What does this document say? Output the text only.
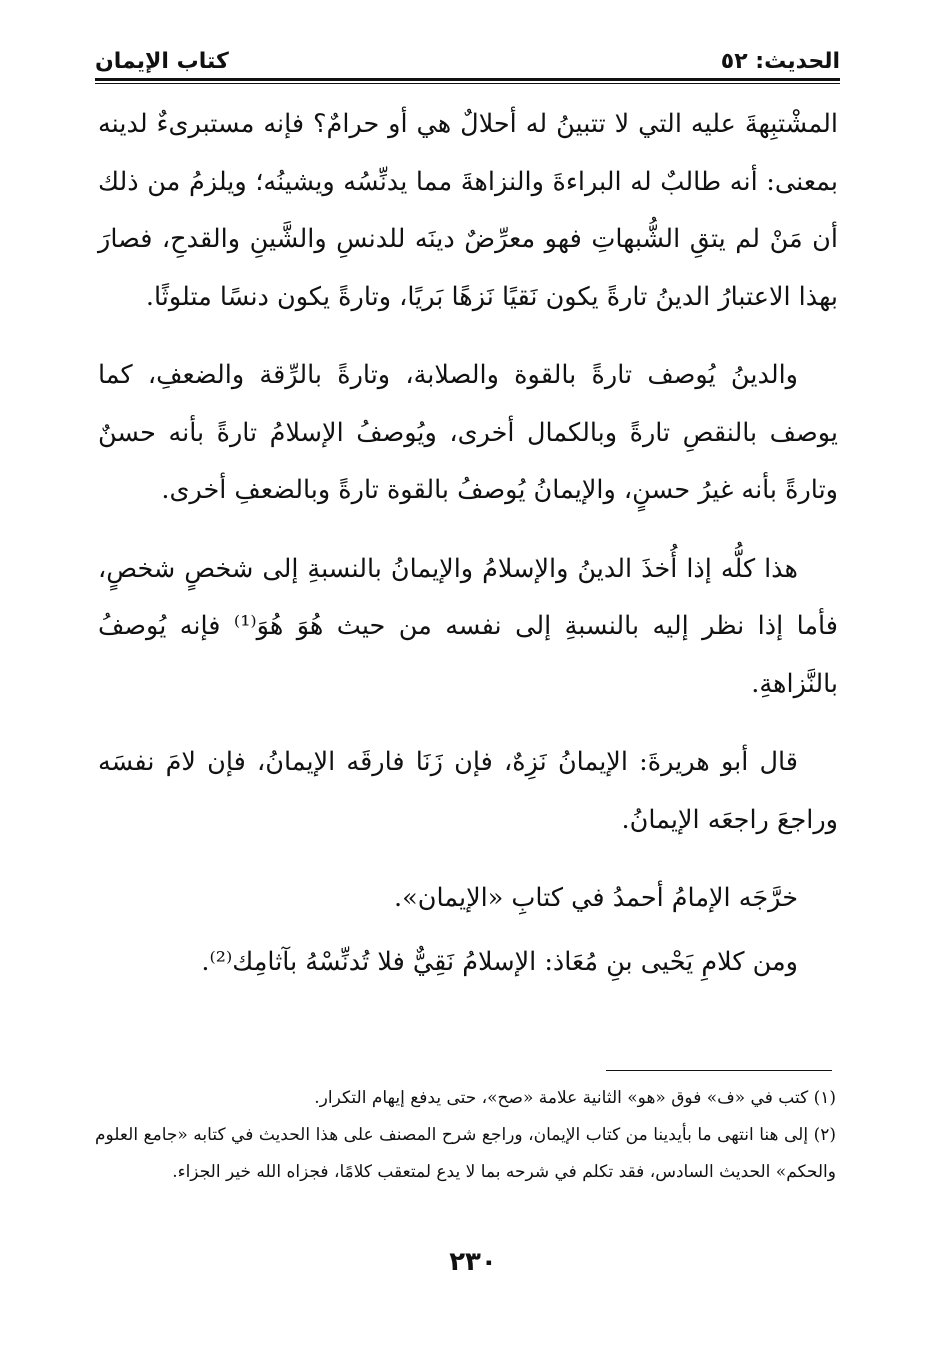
الحديث: ٥٢
كتاب الإيمان

المشْتبِهةَ عليه التي لا تتبينُ له أحلالٌ هي أو حرامٌ؟ فإنه مستبرىءٌ لدينه بمعنى: أنه طالبٌ له البراءةَ والنزاهةَ مما يدنِّسُه ويشينُه؛ ويلزمُ من ذلك أن مَنْ لم يتقِ الشُّبهاتِ فهو معرِّضٌ دينَه للدنسِ والشَّينِ والقدحِ، فصارَ بهذا الاعتبارُ الدينُ تارةً يكون نَقيًا نَزهًا بَريًا، وتارةً يكون دنسًا متلوثًا.

والدينُ يُوصف تارةً بالقوة والصلابة، وتارةً بالرِّقة والضعفِ، كما يوصف بالنقصِ تارةً وبالكمال أخرى، ويُوصفُ الإسلامُ تارةً بأنه حسنٌ وتارةً بأنه غيرُ حسنٍ، والإيمانُ يُوصفُ بالقوة تارةً وبالضعفِ أخرى.

هذا كلُّه إذا أُخذَ الدينُ والإسلامُ والإيمانُ بالنسبةِ إلى شخصٍ شخصٍ، فأما إذا نظر إليه بالنسبةِ إلى نفسه من حيث هُوَ هُوَ⁽¹⁾ فإنه يُوصفُ بالنَّزاهةِ.

قال أبو هريرةَ: الإيمانُ نَزِهٌ، فإن زَنَا فارقَه الإيمانُ، فإن لامَ نفسَه وراجعَ راجعَه الإيمانُ.

خرَّجَه الإمامُ أحمدُ في كتابِ «الإيمان».

ومن كلامِ يَحْيى بنِ مُعَاذ: الإسلامُ نَقِيٌّ فلا تُدنِّسْهُ بآثامِك⁽²⁾.

(١) كتب في «ف» فوق «هو» الثانية علامة «صح»، حتى يدفع إيهام التكرار.

(٢) إلى هنا انتهى ما بأيدينا من كتاب الإيمان، وراجع شرح المصنف على هذا الحديث في كتابه «جامع العلوم والحكم» الحديث السادس، فقد تكلم في شرحه بما لا يدع لمتعقب كلامًا، فجزاه الله خير الجزاء.

٢٣٠
